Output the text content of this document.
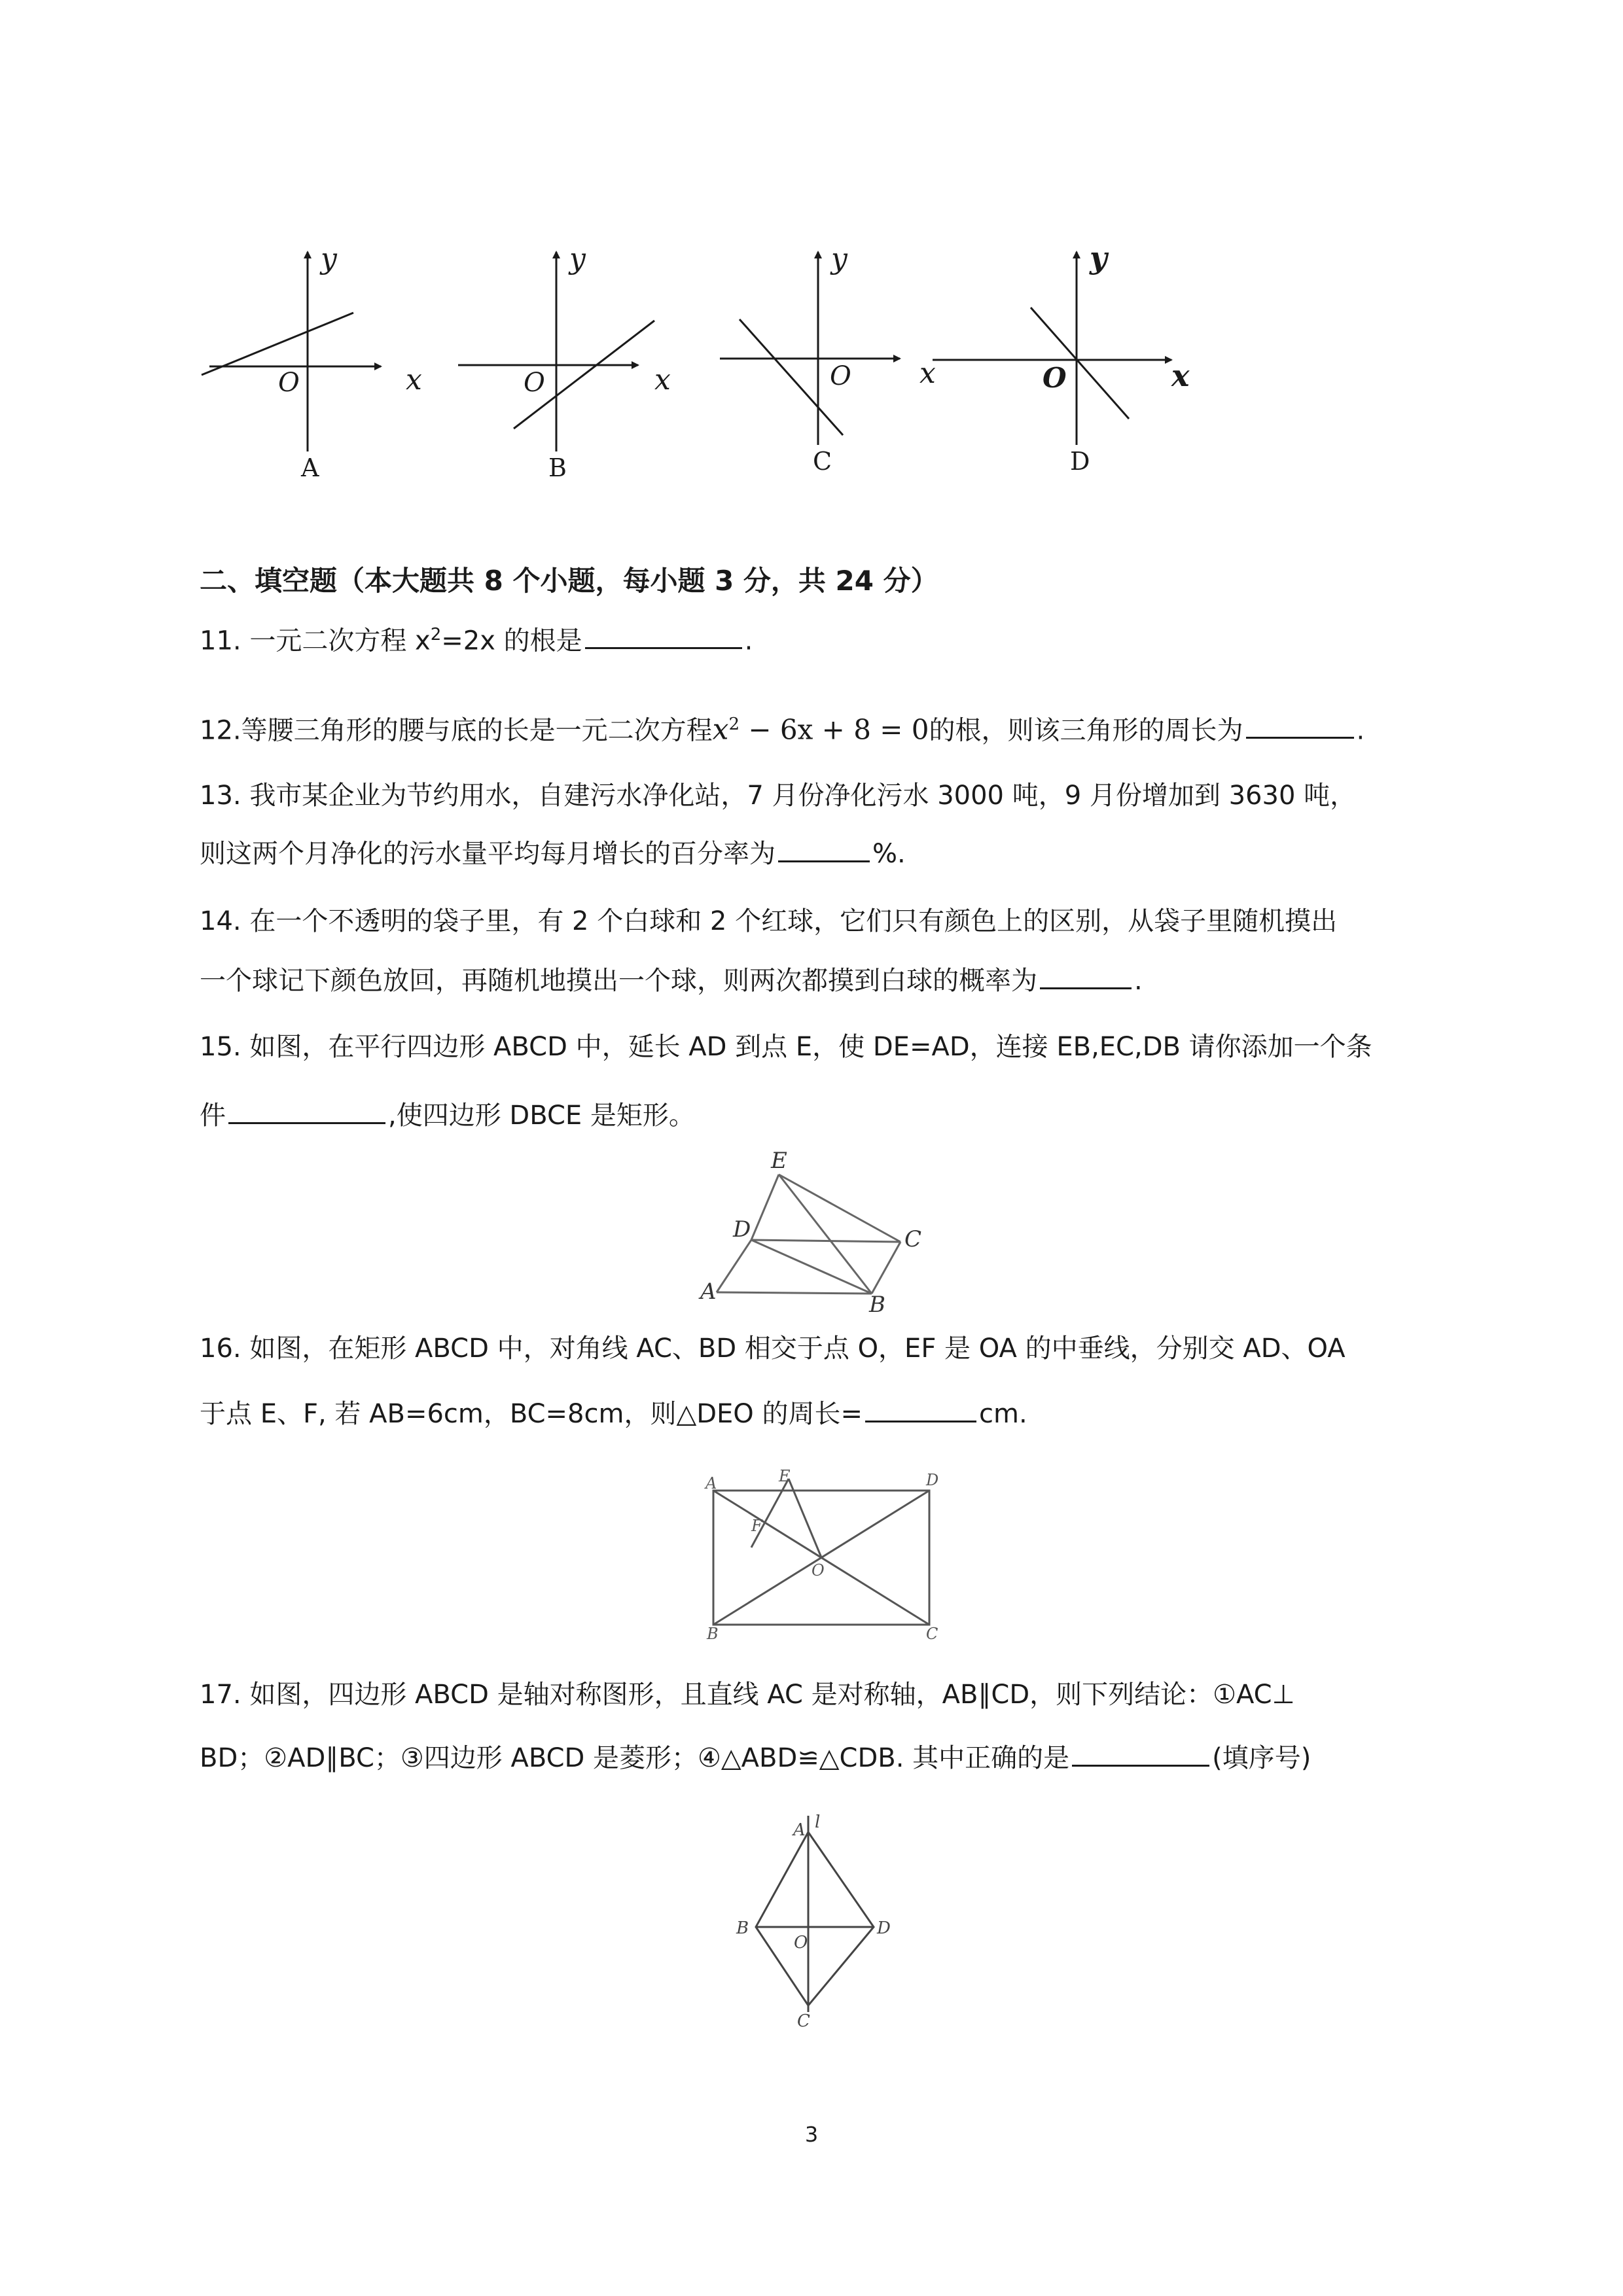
y
x
O
A
y
x
O
B
y
x
O
C
y
x
O
D
二、填空题（本大题共 8 个小题，每小题 3 分，共 24 分）
11. 一元二次方程 $x^2=2x$ 的根是	.
12.等腰三角形的腰与底的长是一元二次方程$x^2 - 6x + 8 = 0$的根，则该三角形的周长为	.
13. 我市某企业为节约用水，自建污水净化站，7 月份净化污水 3000 吨，9 月份增加到 3630 吨，
则这两个月净化的污水量平均每月增长的百分率为	%.
14. 在一个不透明的袋子里，有 2 个白球和 2 个红球，它们只有颜色上的区别，从袋子里随机摸出
一个球记下颜色放回，再随机地摸出一个球，则两次都摸到白球的概率为	.
15. 如图，在平行四边形 ABCD 中，延长 AD 到点 E，使 DE=AD，连接 EB,EC,DB 请你添加一个条
件	,使四边形 DBCE 是矩形。
E
D	C
A	B
16. 如图，在矩形 ABCD 中，对角线 AC、BD 相交于点 O，EF 是 OA 的中垂线，分别交 AD、OA
于点 E、F, 若 AB=6cm，BC=8cm，则△DEO 的周长=	cm.
A	E	D
F
O
B	C
17. 如图，四边形 ABCD 是轴对称图形，且直线 AC 是对称轴，AB∥CD，则下列结论：①AC⊥
BD；②AD∥BC；③四边形 ABCD 是菱形；④△ABD≌△CDB. 其中正确的是	(填序号)
A l
B
O
D
C
3
